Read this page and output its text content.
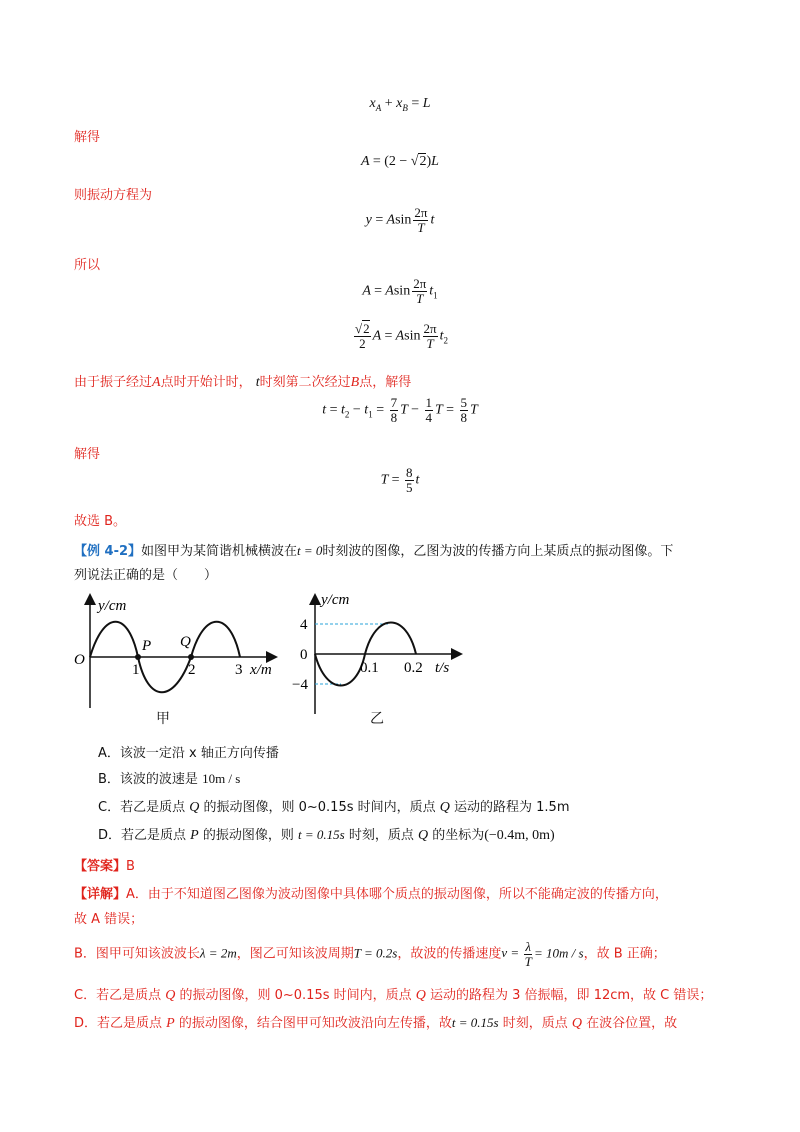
$x_A + x_B = L$
解得
A = (2 − √2)L
则振动方程为
y = Asin $\frac{2\pi}{T}$ t
所以
A = Asin $\frac{2\pi}{T} t_1$
$\frac{√2}{2}$ A = Asin $\frac{2\pi}{T} t_2$
由于振子经过A点时开始计时， t时刻第二次经过B点，解得
$t = t_2 - t_1 = \frac{7}{8}$ $T - \frac{1}{4}$ $T = \frac{5}{8}$ T
解得
$T = \frac{8}{5}$ t
故选 B。
【例 4-2】如图甲为某简谐机械横波在t = 0时刻波的图像，乙图为波的传播方向上某质点的振动图像。下
列说法正确的是（　　）
y/cm
O
1	2	3
P Q
x/m
甲
y/cm
4
0
−4
0.1 0.2 t/s
乙
A．该波一定沿 x 轴正方向传播
B．该波的波速是 10m / s
C．若乙是质点 Q 的振动图像，则 0~0.15s 时间内，质点 Q 运动的路程为 1.5m
D．若乙是质点 P 的振动图像，则 t = 0.15s 时刻，质点 Q 的坐标为(−0.4m, 0m)
【答案】B
【详解】A．由于不知道图乙图像为波动图像中具体哪个质点的振动图像，所以不能确定波的传播方向，
故 A 错误；
B．图甲可知该波波长λ = 2m，图乙可知该波周期T = 0.2s，故波的传播速度$v = \frac{\lambda}{T} = 10m / s$，故 B 正确；
C．若乙是质点 Q 的振动图像，则 0~0.15s 时间内，质点 Q 运动的路程为 3 倍振幅，即 12cm，故 C 错误；
D．若乙是质点 P 的振动图像，结合图甲可知改波沿向左传播，故t = 0.15s 时刻，质点 Q 在波谷位置，故
